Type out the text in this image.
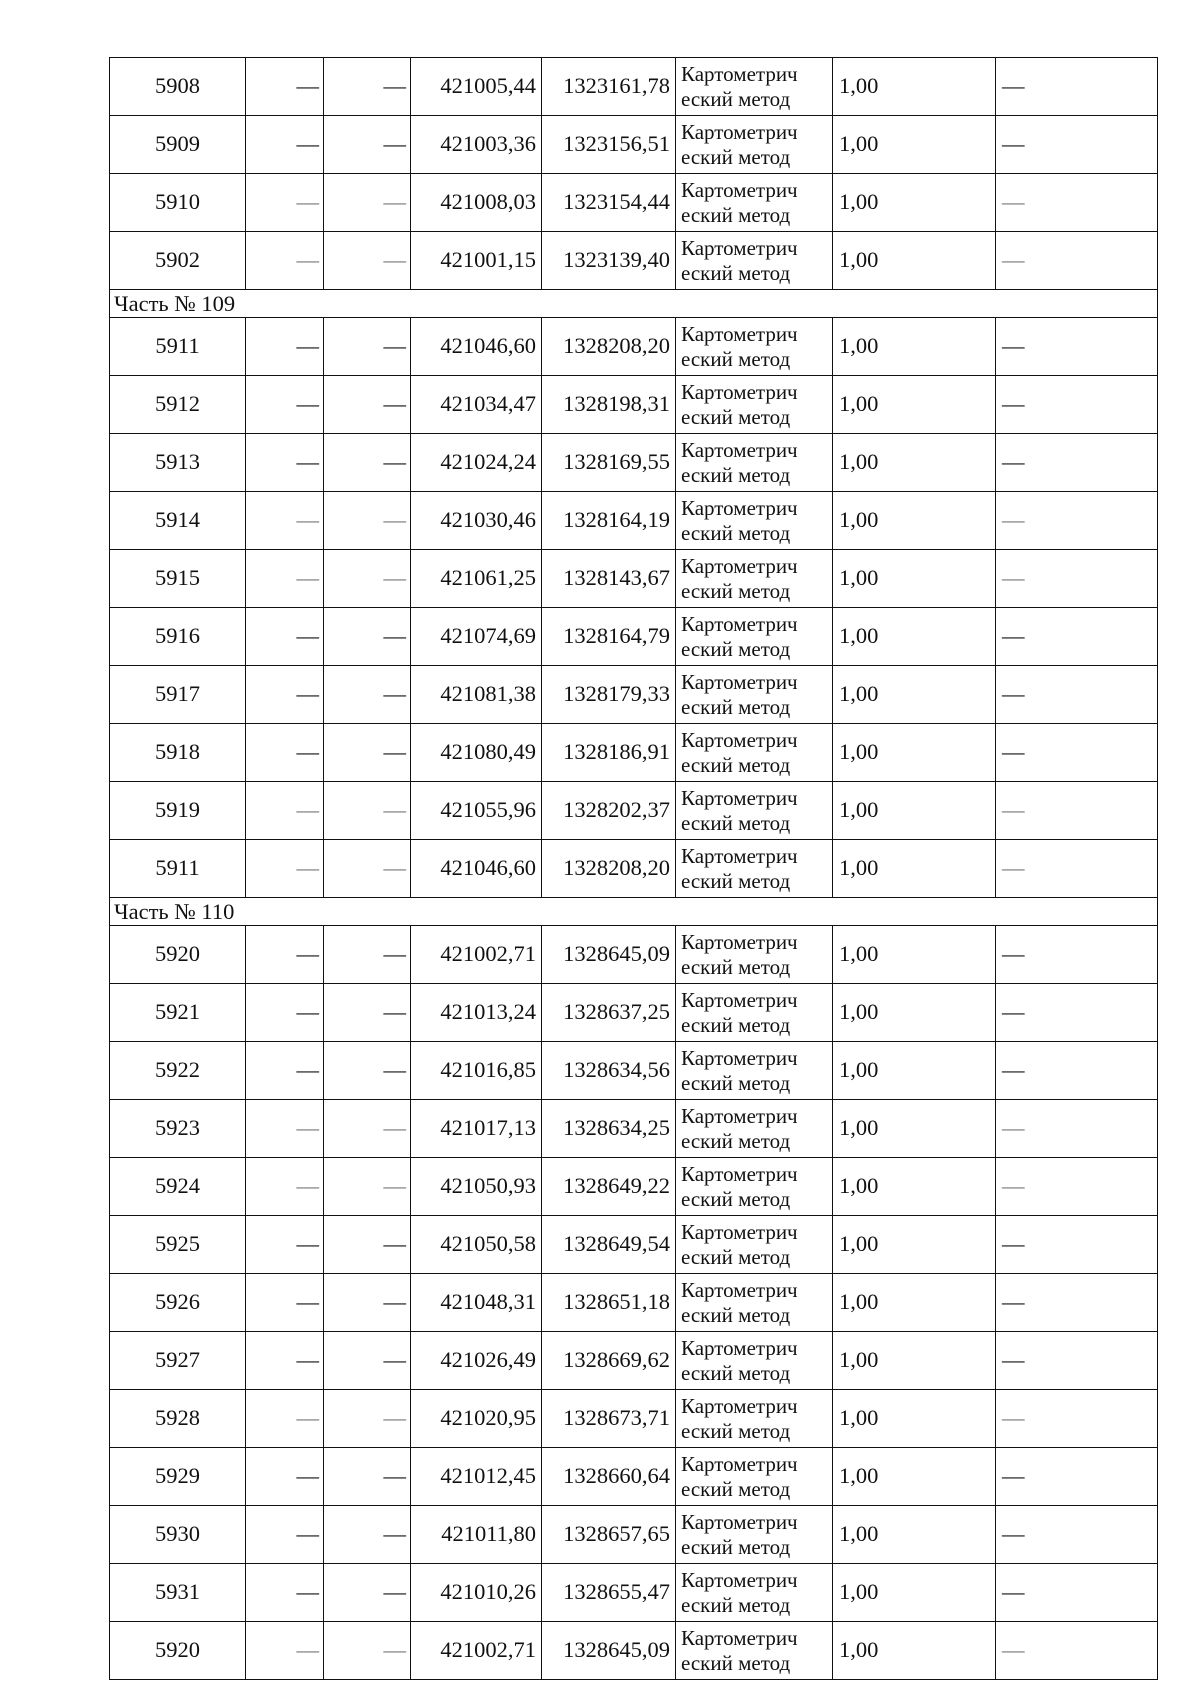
5908	—	—	421005,44	1323161,78	Картометрич
еский метод	1,00	—
5909	—	—	421003,36	1323156,51	Картометрич
еский метод	1,00	—
5910	—	—	421008,03	1323154,44	Картометрич
еский метод	1,00	—
5902	—	—	421001,15	1323139,40	Картометрич
еский метод	1,00	—
Часть № 109							
5911	—	—	421046,60	1328208,20	Картометрич
еский метод	1,00	—
5912	—	—	421034,47	1328198,31	Картометрич
еский метод	1,00	—
5913	—	—	421024,24	1328169,55	Картометрич
еский метод	1,00	—
5914	—	—	421030,46	1328164,19	Картометрич
еский метод	1,00	—
5915	—	—	421061,25	1328143,67	Картометрич
еский метод	1,00	—
5916	—	—	421074,69	1328164,79	Картометрич
еский метод	1,00	—
5917	—	—	421081,38	1328179,33	Картометрич
еский метод	1,00	—
5918	—	—	421080,49	1328186,91	Картометрич
еский метод	1,00	—
5919	—	—	421055,96	1328202,37	Картометрич
еский метод	1,00	—
5911	—	—	421046,60	1328208,20	Картометрич
еский метод	1,00	—
Часть № 110							
5920	—	—	421002,71	1328645,09	Картометрич
еский метод	1,00	—
5921	—	—	421013,24	1328637,25	Картометрич
еский метод	1,00	—
5922	—	—	421016,85	1328634,56	Картометрич
еский метод	1,00	—
5923	—	—	421017,13	1328634,25	Картометрич
еский метод	1,00	—
5924	—	—	421050,93	1328649,22	Картометрич
еский метод	1,00	—
5925	—	—	421050,58	1328649,54	Картометрич
еский метод	1,00	—
5926	—	—	421048,31	1328651,18	Картометрич
еский метод	1,00	—
5927	—	—	421026,49	1328669,62	Картометрич
еский метод	1,00	—
5928	—	—	421020,95	1328673,71	Картометрич
еский метод	1,00	—
5929	—	—	421012,45	1328660,64	Картометрич
еский метод	1,00	—
5930	—	—	421011,80	1328657,65	Картометрич
еский метод	1,00	—
5931	—	—	421010,26	1328655,47	Картометрич
еский метод	1,00	—
5920	—	—	421002,71	1328645,09	Картометрич
еский метод	1,00	—
